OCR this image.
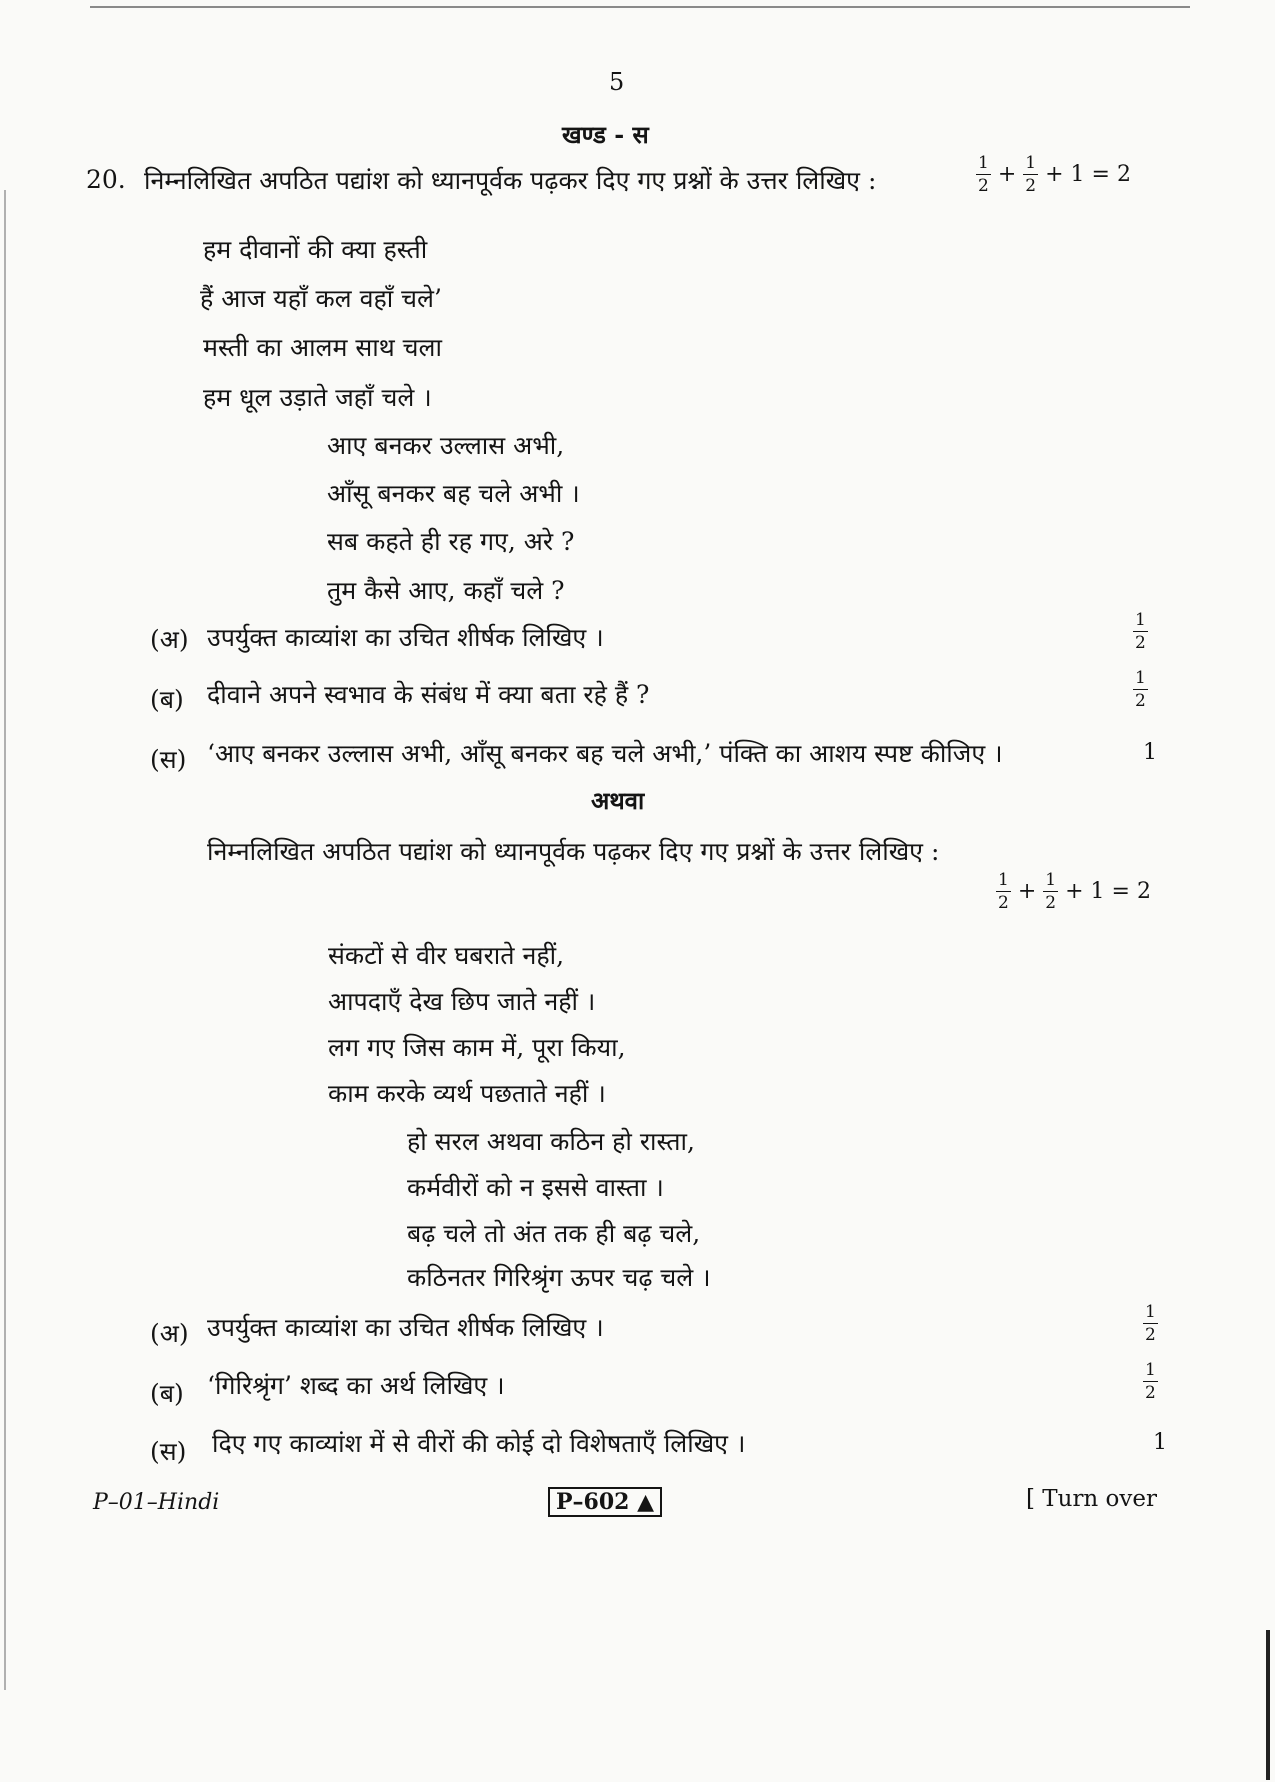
5
खण्ड - स
20. निम्नलिखित अपठित पद्यांश को ध्यानपूर्वक पढ़कर दिए गए प्रश्नों के उत्तर लिखिए :	$\frac{1}{2} + \frac{1}{2} + 1 = 2$
हम दीवानों की क्या हस्ती
हैं आज यहाँ कल वहाँ चले’
मस्ती का आलम साथ चला
हम धूल उड़ाते जहाँ चले ।
आए बनकर उल्लास अभी,
आँसू बनकर बह चले अभी ।
सब कहते ही रह गए, अरे ?
तुम कैसे आए, कहाँ चले ?
(अ) उपर्युक्त काव्यांश का उचित शीर्षक लिखिए ।	$\frac{1}{2}$
(ब) दीवाने अपने स्वभाव के संबंध में क्या बता रहे हैं ?	$\frac{1}{2}$
(स) ‘आए बनकर उल्लास अभी, आँसू बनकर बह चले अभी,’ पंक्ति का आशय स्पष्ट कीजिए ।	1
अथवा
निम्नलिखित अपठित पद्यांश को ध्यानपूर्वक पढ़कर दिए गए प्रश्नों के उत्तर लिखिए :
$\frac{1}{2} + \frac{1}{2} + 1 = 2$
संकटों से वीर घबराते नहीं,
आपदाएँ देख छिप जाते नहीं ।
लग गए जिस काम में, पूरा किया,
काम करके व्यर्थ पछताते नहीं ।
हो सरल अथवा कठिन हो रास्ता,
कर्मवीरों को न इससे वास्ता ।
बढ़ चले तो अंत तक ही बढ़ चले,
कठिनतर गिरिश्रृंग ऊपर चढ़ चले ।
(अ) उपर्युक्त काव्यांश का उचित शीर्षक लिखिए ।	$\frac{1}{2}$
(ब) ‘गिरिश्रृंग’ शब्द का अर्थ लिखिए ।	$\frac{1}{2}$
(स) दिए गए काव्यांश में से वीरों की कोई दो विशेषताएँ लिखिए ।	1
P–01–Hindi	P–602 ▲	[ Turn over
